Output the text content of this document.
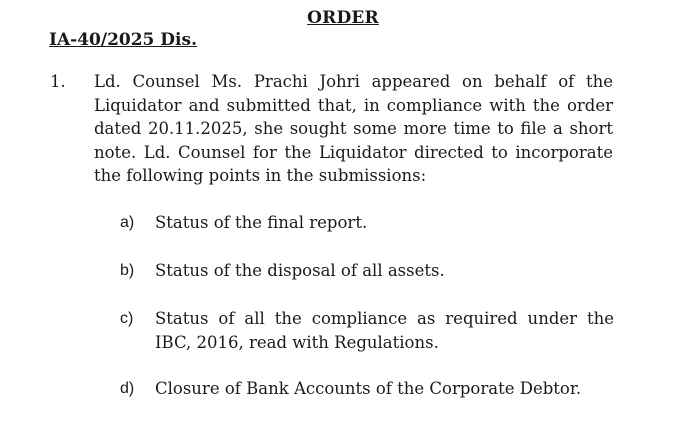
ORDER
IA-40/2025 Dis.
1. Ld. Counsel Ms. Prachi Johri appeared on behalf of the Liquidator and submitted that, in compliance with the order dated 20.11.2025, she sought some more time to file a short note. Ld. Counsel for the Liquidator directed to incorporate the following points in the submissions:
a) Status of the final report.
b) Status of the disposal of all assets.
c) Status of all the compliance as required under the IBC, 2016, read with Regulations.
d) Closure of Bank Accounts of the Corporate Debtor.
